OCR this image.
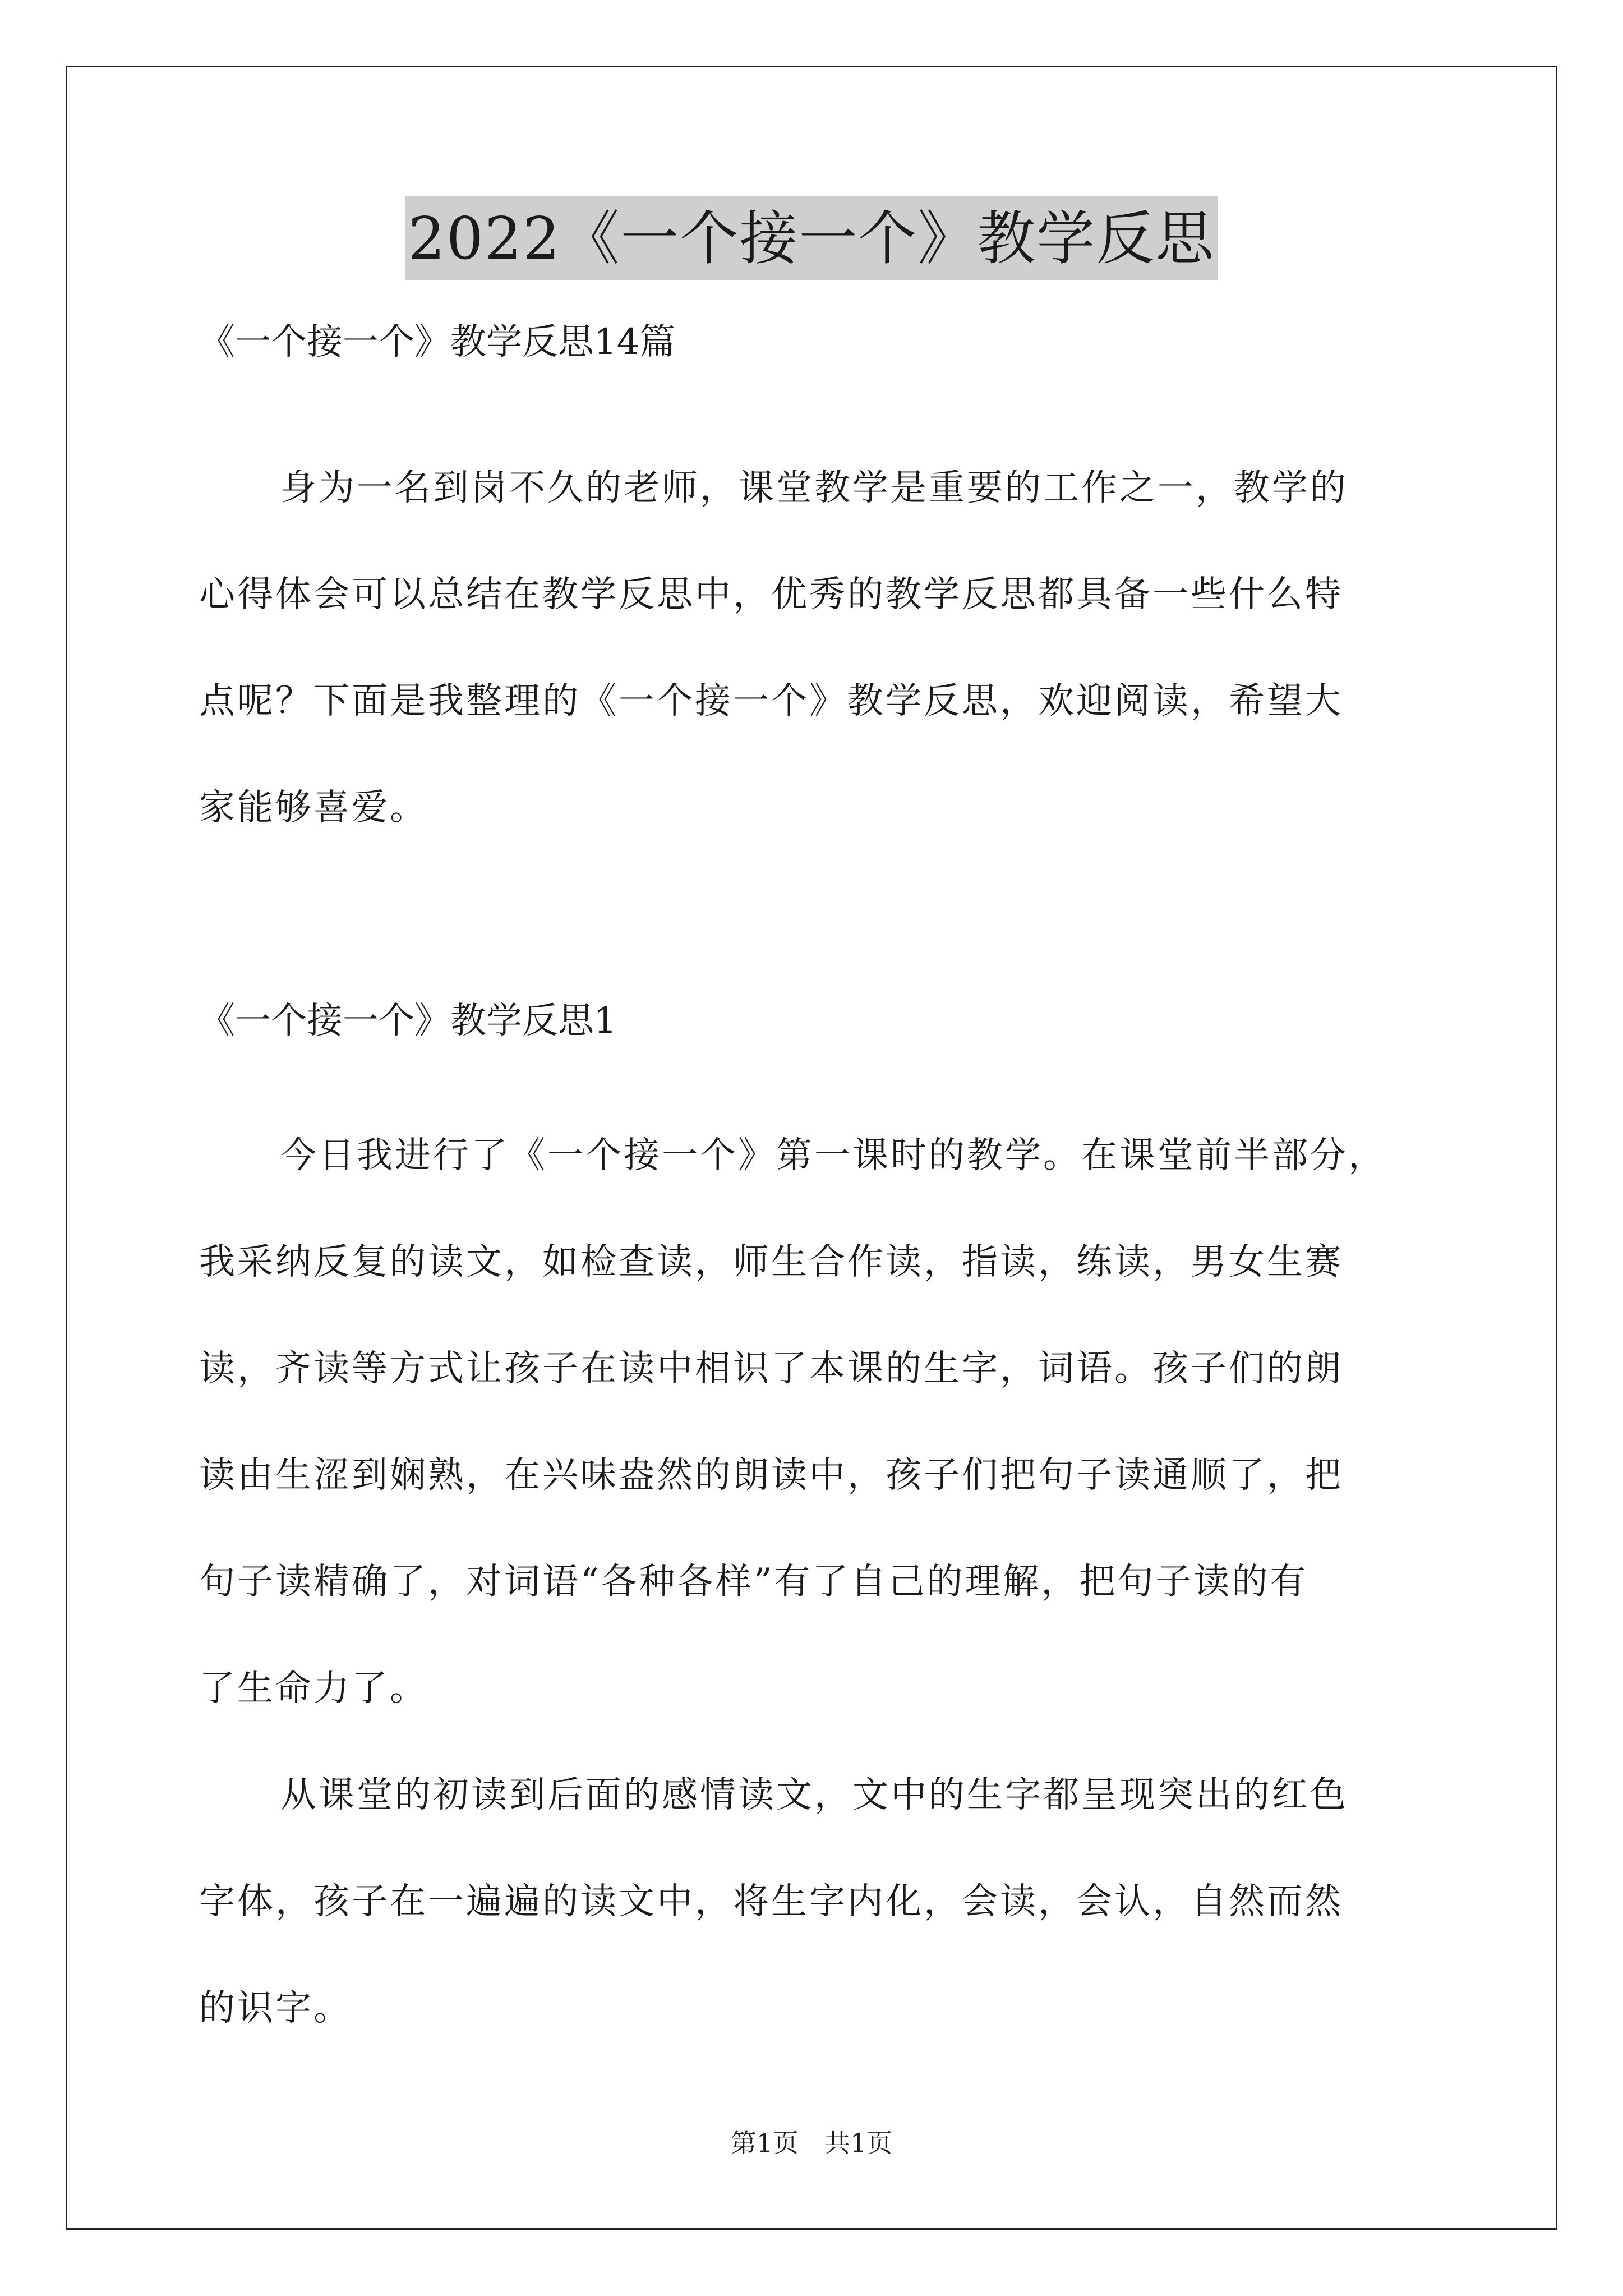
2022《一个接一个》教学反思
《一个接一个》教学反思14篇
身为一名到岗不久的老师，课堂教学是重要的工作之一，教学的
心得体会可以总结在教学反思中，优秀的教学反思都具备一些什么特
点呢？下面是我整理的《一个接一个》教学反思，欢迎阅读，希望大
家能够喜爱。
《一个接一个》教学反思1
今日我进行了《一个接一个》第一课时的教学。在课堂前半部分，
我采纳反复的读文，如检查读，师生合作读，指读，练读，男女生赛
读，齐读等方式让孩子在读中相识了本课的生字，词语。孩子们的朗
读由生涩到娴熟，在兴味盎然的朗读中，孩子们把句子读通顺了，把
句子读精确了，对词语“各种各样”有了自己的理解，把句子读的有
了生命力了。
从课堂的初读到后面的感情读文，文中的生字都呈现突出的红色
字体，孩子在一遍遍的读文中，将生字内化，会读，会认，自然而然
的识字。
第1页　共1页
